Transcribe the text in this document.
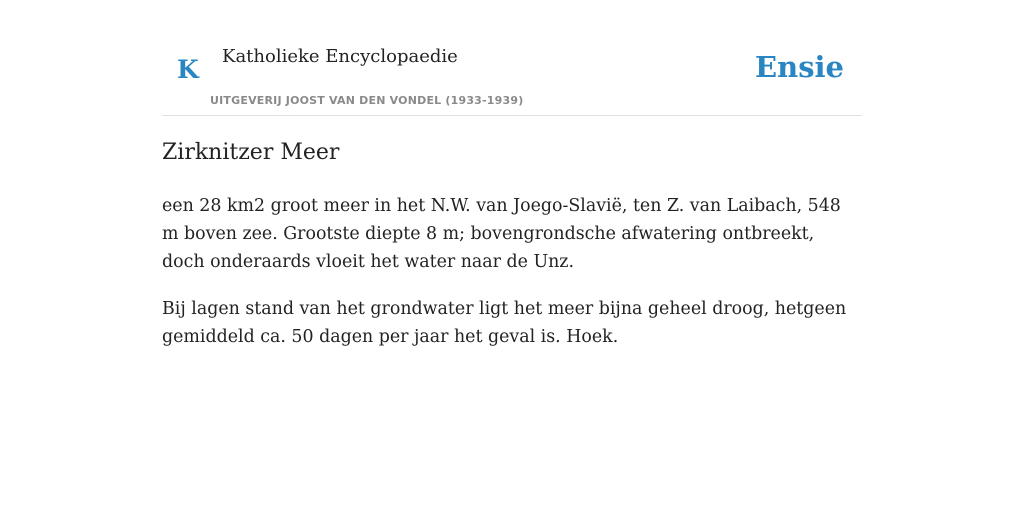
K Katholieke Encyclopaedie
UITGEVERIJ JOOST VAN DEN VONDEL (1933-1939)
Ensie
Zirknitzer Meer

een 28 km2 groot meer in het N.W. van Joego-Slavië, ten Z. van Laibach, 548 m boven zee. Grootste diepte 8 m; bovengrondsche afwatering ontbreekt, doch onderaards vloeit het water naar de Unz.

Bij lagen stand van het grondwater ligt het meer bijna geheel droog, hetgeen gemiddeld ca. 50 dagen per jaar het geval is. Hoek.
